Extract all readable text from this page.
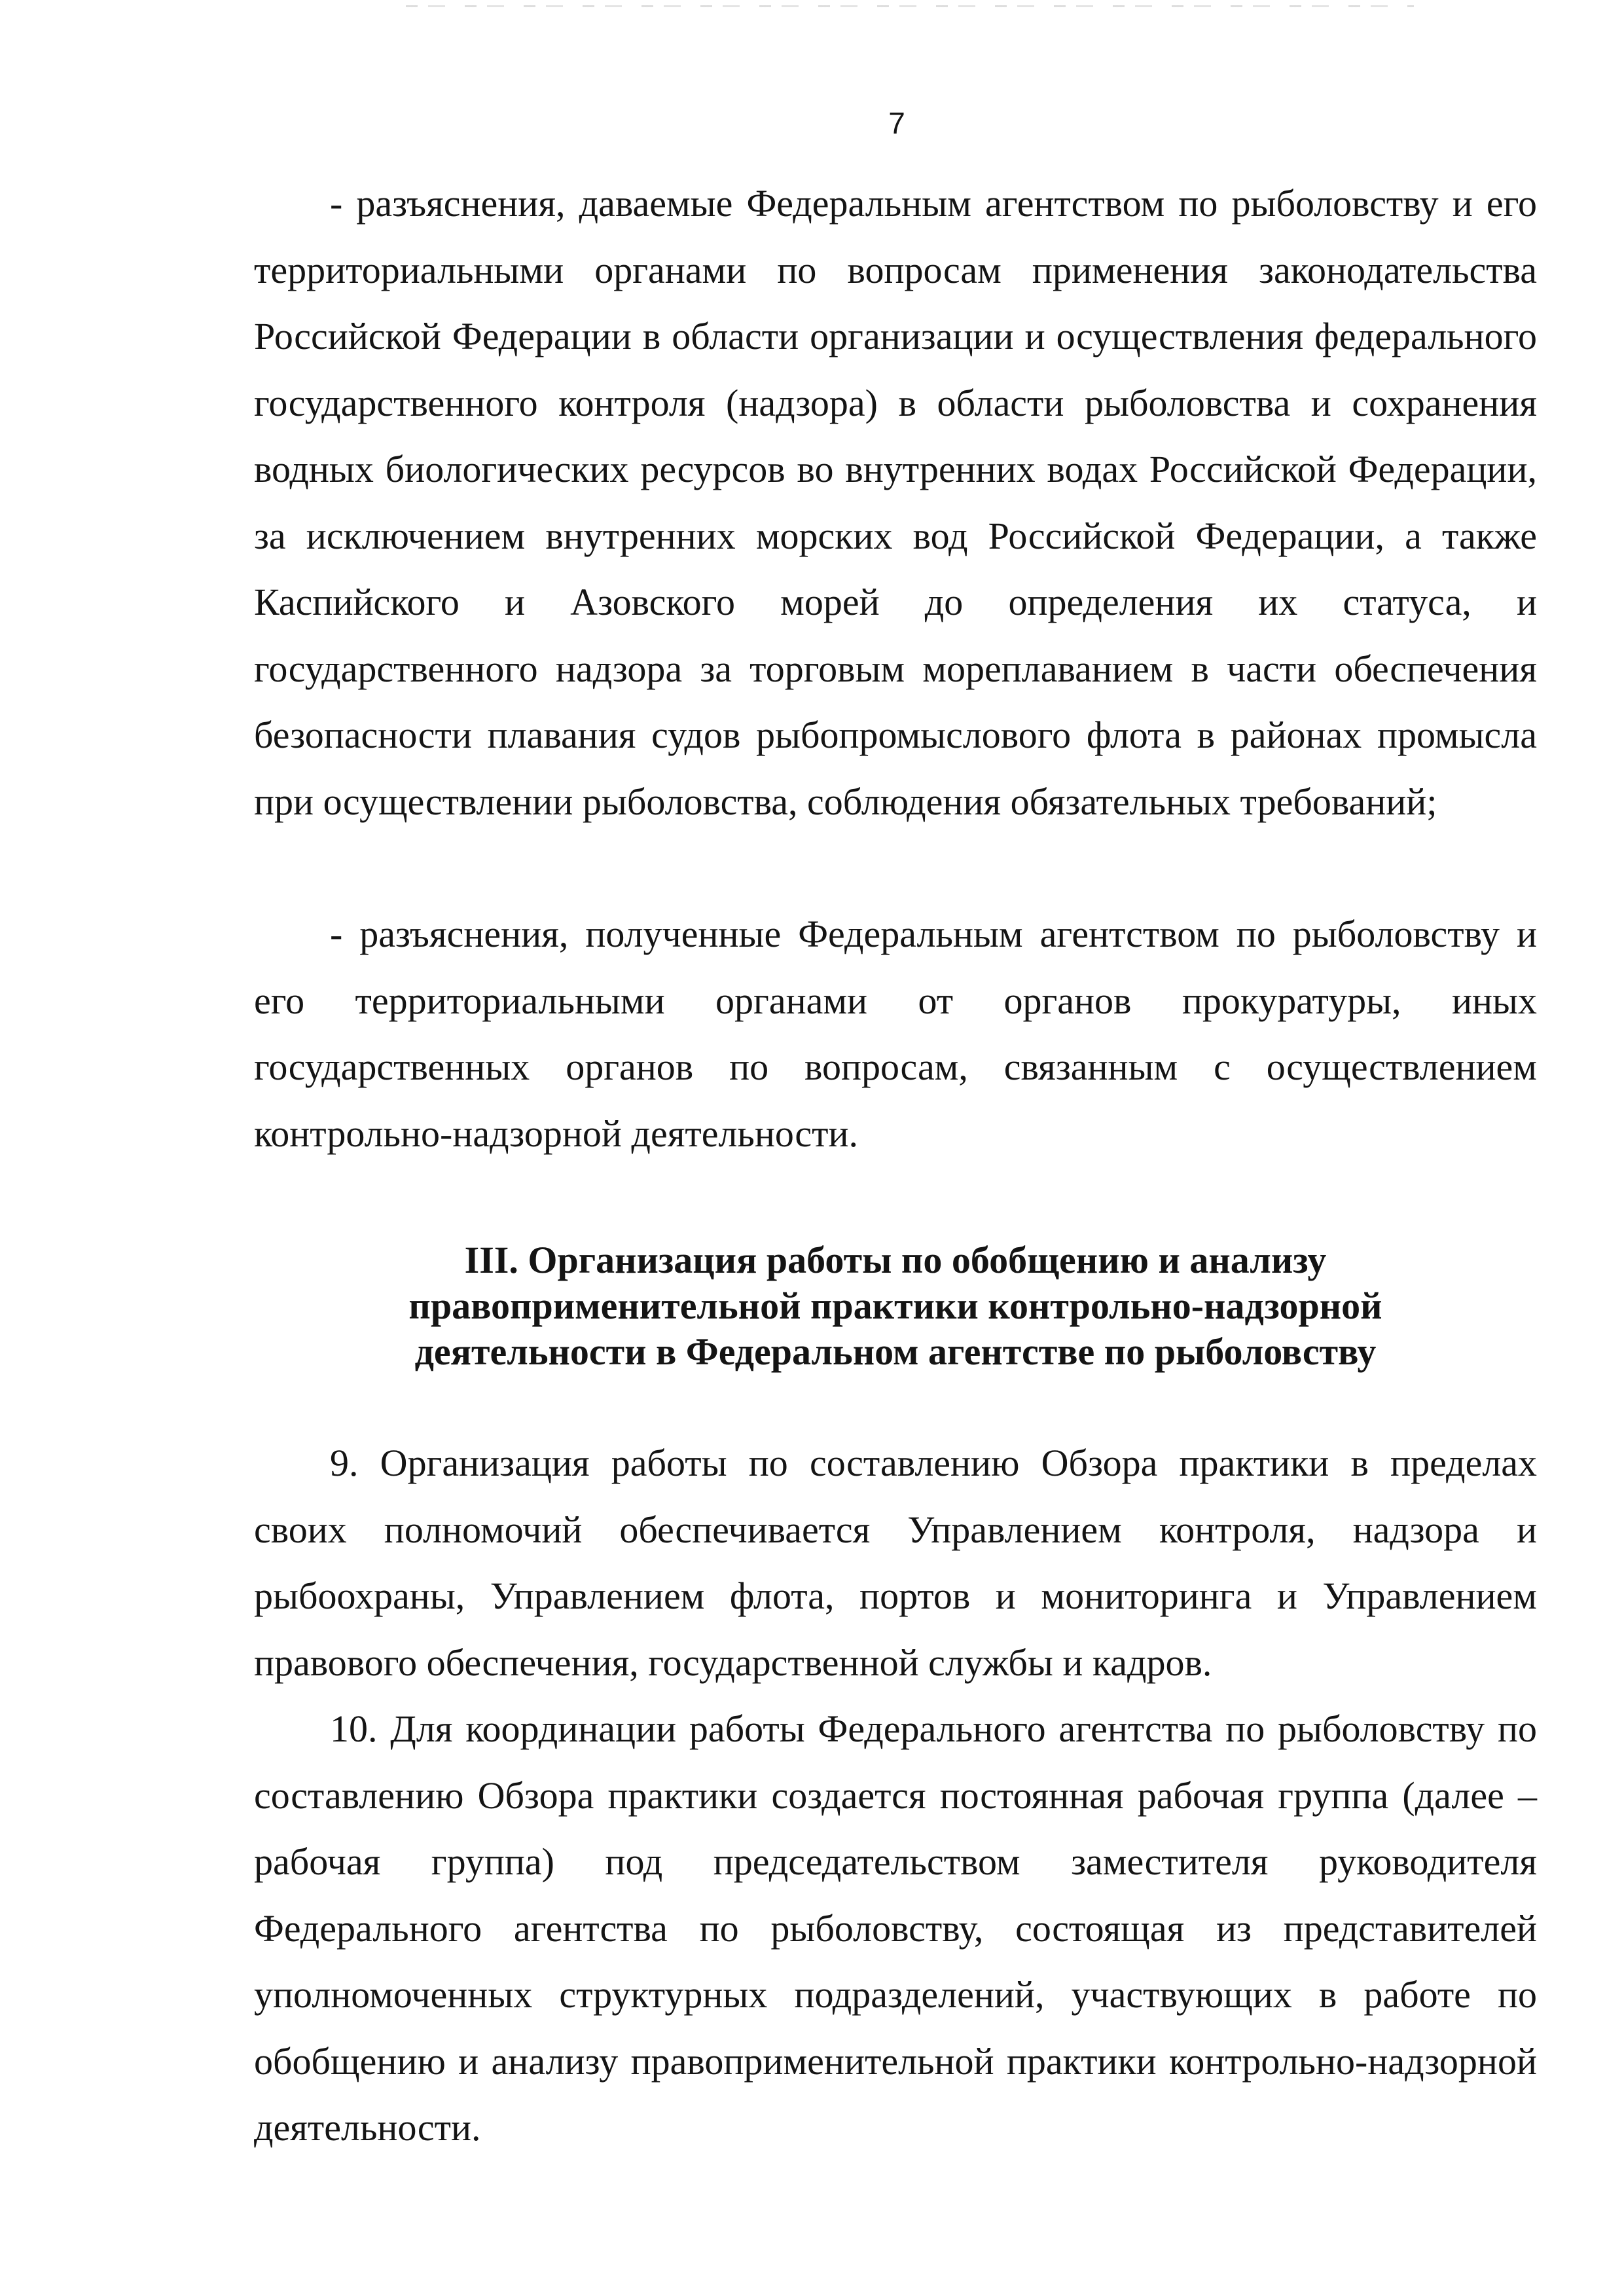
7

- разъяснения, даваемые Федеральным агентством по рыболовству и его территориальными органами по вопросам применения законодательства Российской Федерации в области организации и осуществления федерального государственного контроля (надзора) в области рыболовства и сохранения водных биологических ресурсов во внутренних водах Российской Федерации, за исключением внутренних морских вод Российской Федерации, а также Каспийского и Азовского морей до определения их статуса, и государственного надзора за торговым мореплаванием в части обеспечения безопасности плавания судов рыбопромыслового флота в районах промысла при осуществлении рыболовства, соблюдения обязательных требований;

- разъяснения, полученные Федеральным агентством по рыболовству и его территориальными органами от органов прокуратуры, иных государственных органов по вопросам, связанным с осуществлением контрольно-надзорной деятельности.

III. Организация работы по обобщению и анализу
правоприменительной практики контрольно-надзорной
деятельности в Федеральном агентстве по рыболовству

9. Организация работы по составлению Обзора практики в пределах своих полномочий обеспечивается Управлением контроля, надзора и рыбоохраны, Управлением флота, портов и мониторинга и Управлением правового обеспечения, государственной службы и кадров.

10. Для координации работы Федерального агентства по рыболовству по составлению Обзора практики создается постоянная рабочая группа (далее – рабочая группа) под председательством заместителя руководителя Федерального агентства по рыболовству, состоящая из представителей уполномоченных структурных подразделений, участвующих в работе по обобщению и анализу правоприменительной практики контрольно-надзорной деятельности.
